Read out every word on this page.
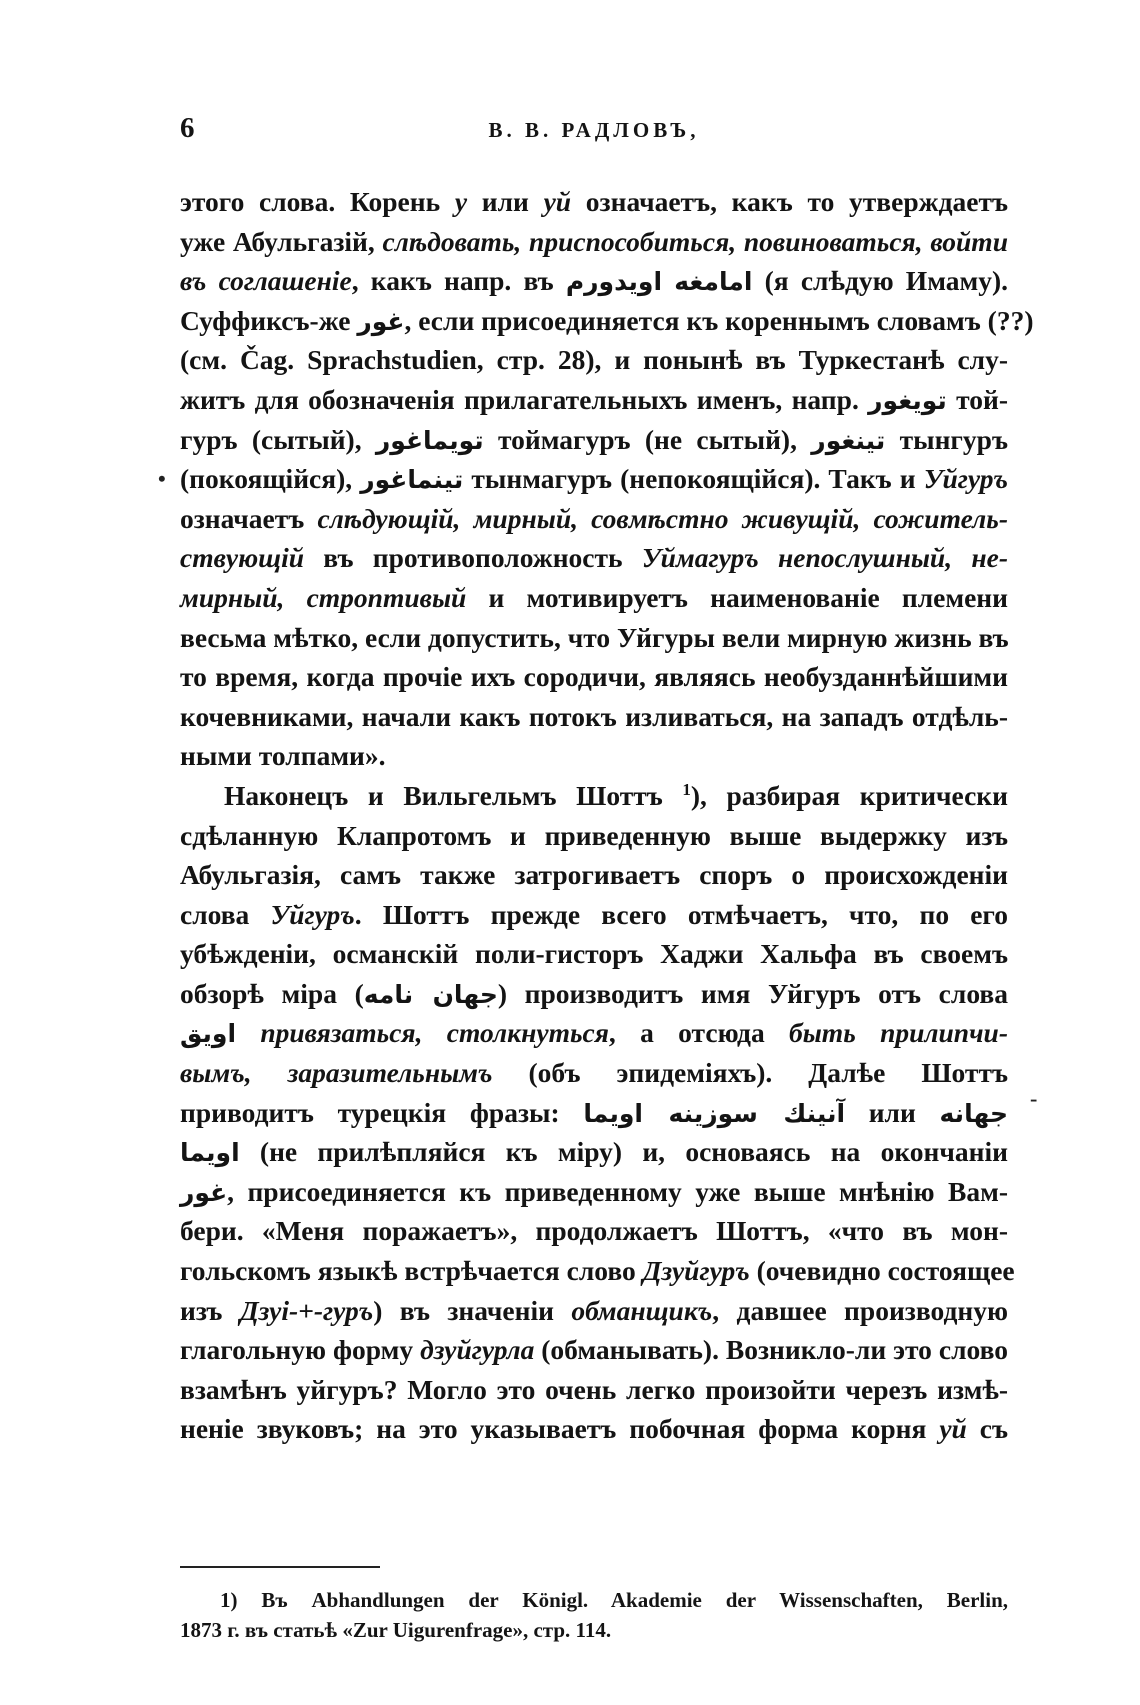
6	В. В. РАДЛОВЪ,
этого слова. Корень у или уй означаетъ, какъ то утверждаетъ
уже Абульгазій, слѣдовать, приспособиться, повиноваться, войти
въ соглашеніе, какъ напр. въ اويدورم امامغه (я слѣдую Имаму).
Суффиксъ-же غور, если присоединяется къ кореннымъ словамъ (??)
(см. Čag. Sprachstudien, стр. 28), и понынѣ въ Туркестанѣ слу-
житъ для обозначенія прилагательныхъ именъ, напр. تويغور той-
гуръ (сытый), تويماغور тоймагуръ (не сытый), تينغور тынгуръ
(покоящійся), تينماغور тынмагуръ (непокоящійся). Такъ и Уйгуръ
означаетъ слѣдующій, мирный, совмѣстно живущій, сожитель-
ствующій въ противоположность Уймагуръ непослушный, не-
мирный, строптивый и мотивируетъ наименованіе племени
весьма мѣтко, если допустить, что Уйгуры вели мирную жизнь въ
то время, когда прочіе ихъ сородичи, являясь необузданнѣйшими
кочевниками, начали какъ потокъ изливаться, на западъ отдѣль-
ными толпами».
Наконецъ и Вильгельмъ Шоттъ $^1$), разбирая критически
сдѣланную Клапротомъ и приведенную выше выдержку изъ
Абульгазія, самъ также затрогиваетъ споръ о происхожденіи
слова Уйгуръ. Шоттъ прежде всего отмѣчаетъ, что, по его
убѣжденіи, османскій поли-гисторъ Хаджи Хальфа въ своемъ
обзорѣ міра (جهان نامه) производитъ имя Уйгуръ отъ слова
اويق привязаться, столкнуться, а отсюда быть прилипчи-
вымъ, заразительнымъ (объ эпидеміяхъ). Далѣе Шоттъ
приводитъ турецкія фразы: آنينك سوزينه اويما или جهانه
اويما (не прилѣпляйся къ міру) и, основаясь на окончаніи
غور, присоединяется къ приведенному уже выше мнѣнію Вам-
бери. «Меня поражаетъ», продолжаетъ Шоттъ, «что въ мон-
гольскомъ языкѣ встрѣчается слово Дзуйгуръ (очевидно состоящее
изъ Дзуі-+-гуръ) въ значеніи обманщикъ, давшее производную
глагольную форму дзуйгурла (обманывать). Возникло-ли это слово
взамѣнъ уйгуръ? Могло это очень легко произойти черезъ измѣ-
неніе звуковъ; на это указываетъ побочная форма корня уй съ
1) Въ Abhandlungen der Königl. Akademie der Wissenschaften, Berlin,
1873 г. въ статьѣ «Zur Uigurenfrage», стр. 114.
•
-
